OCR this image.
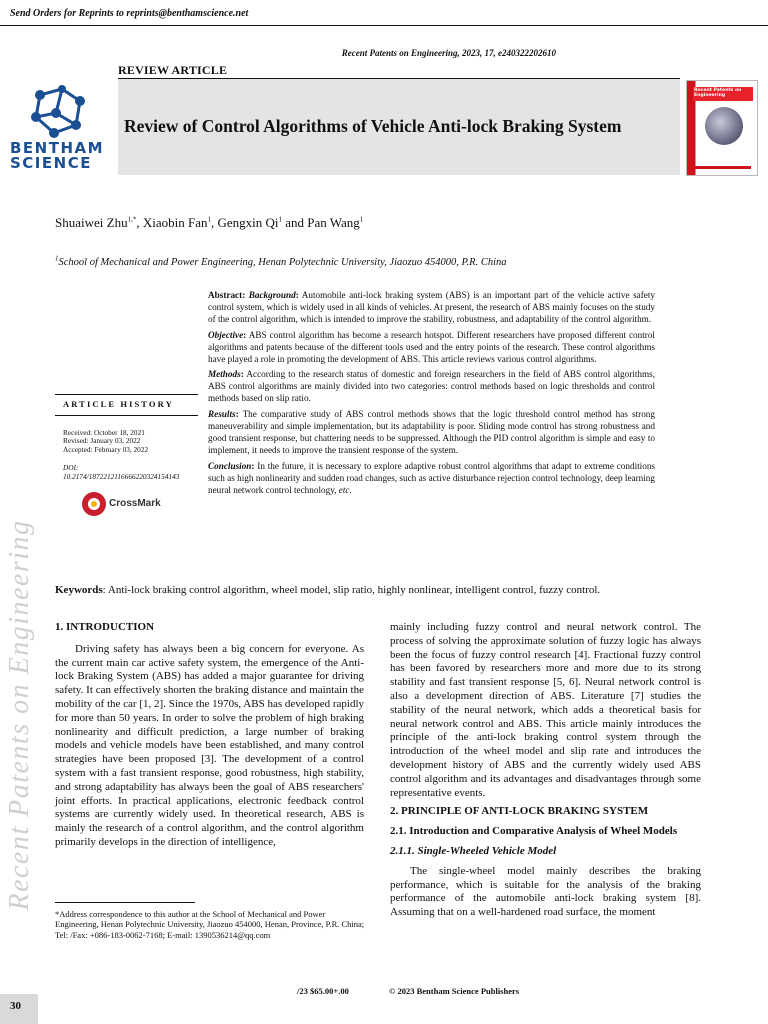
Send Orders for Reprints to reprints@benthamscience.net
Recent Patents on Engineering, 2023, 17, e240322202610
REVIEW ARTICLE
Review of Control Algorithms of Vehicle Anti-lock Braking System
BENTHAM
SCIENCE
Recent Patents on Engineering
Shuaiwei Zhu$^{1,*}$, Xiaobin Fan$^1$, Gengxin Qi$^1$ and Pan Wang$^1$
$^1$School of Mechanical and Power Engineering, Henan Polytechnic University, Jiaozuo 454000, P.R. China
ARTICLE HISTORY
Received: October 18, 2021
Revised: January 03, 2022
Accepted: February 03, 2022
DOI:
10.2174/1872212116666220324154143
CrossMark

Abstract: Background: Automobile anti-lock braking system (ABS) is an important part of the vehicle active safety control system, which is widely used in all kinds of vehicles. At present, the research of ABS mainly focuses on the study of the control algorithm, which is intended to improve the stability, robustness, and adaptability of the control algorithm.

Objective: ABS control algorithm has become a research hotspot. Different researchers have proposed different control algorithms and patents because of the different tools used and the entry points of the research. These control algorithms have played a role in promoting the development of ABS. This article reviews various control algorithms.

Methods: According to the research status of domestic and foreign researchers in the field of ABS control algorithms, ABS control algorithms are mainly divided into two categories: control methods based on logic thresholds and control methods based on slip ratio.

Results: The comparative study of ABS control methods shows that the logic threshold control method has strong maneuverability and simple implementation, but its adaptability is poor. Sliding mode control has strong robustness and good transient response, but chattering needs to be suppressed. Although the PID control algorithm is simple and easy to implement, it needs to improve the transient response of the system.

Conclusion: In the future, it is necessary to explore adaptive robust control algorithms that adapt to extreme conditions such as high nonlinearity and sudden road changes, such as active disturbance rejection control technology, deep learning neural network control technology, etc.

Keywords: Anti-lock braking control algorithm, wheel model, slip ratio, highly nonlinear, intelligent control, fuzzy control.
Recent Patents on Engineering 1. INTRODUCTION

Driving safety has always been a big concern for everyone. As the current main car active safety system, the emergence of the Anti-lock Braking System (ABS) has added a major guarantee for driving safety. It can effectively shorten the braking distance and maintain the mobility of the car [1, 2]. Since the 1970s, ABS has developed rapidly for more than 50 years. In order to solve the problem of high braking nonlinearity and difficult prediction, a large number of braking models and vehicle models have been established, and many control strategies have been proposed [3]. The development of a control system with a fast transient response, good robustness, high stability, and strong adaptability has always been the goal of ABS researchers' joint efforts. In practical applications, electronic feedback control systems are currently widely used. In theoretical research, ABS is mainly the research of a control algorithm, and the control algorithm primarily develops in the direction of intelligence,

mainly including fuzzy control and neural network control. The process of solving the approximate solution of fuzzy logic has always been the focus of fuzzy control research [4]. Fractional fuzzy control has been favored by researchers more and more due to its strong stability and fast transient response [5, 6]. Neural network control is also a development direction of ABS. Literature [7] studies the stability of the neural network, which adds a theoretical basis for neural network control and ABS. This article mainly introduces the principle of the anti-lock braking control system through the introduction of the wheel model and slip rate and introduces the development history of ABS and the currently widely used ABS control algorithm and its advantages and disadvantages through some representative events.

2. PRINCIPLE OF ANTI-LOCK BRAKING SYSTEM

2.1. Introduction and Comparative Analysis of Wheel Models

2.1.1. Single-Wheeled Vehicle Model

The single-wheel model mainly describes the braking performance, which is suitable for the analysis of the braking performance of the automobile anti-lock braking system [8]. Assuming that on a well-hardened road surface, the moment

*Address correspondence to this author at the School of Mechanical and Power Engineering, Henan Polytechnic University, Jiaozuo 454000, Henan, Province, P.R. China; Tel: /Fax: +086-183-0062-7168; E-mail: 1390536214@qq.com
/23 $65.00+.00	© 2023 Bentham Science Publishers
30
